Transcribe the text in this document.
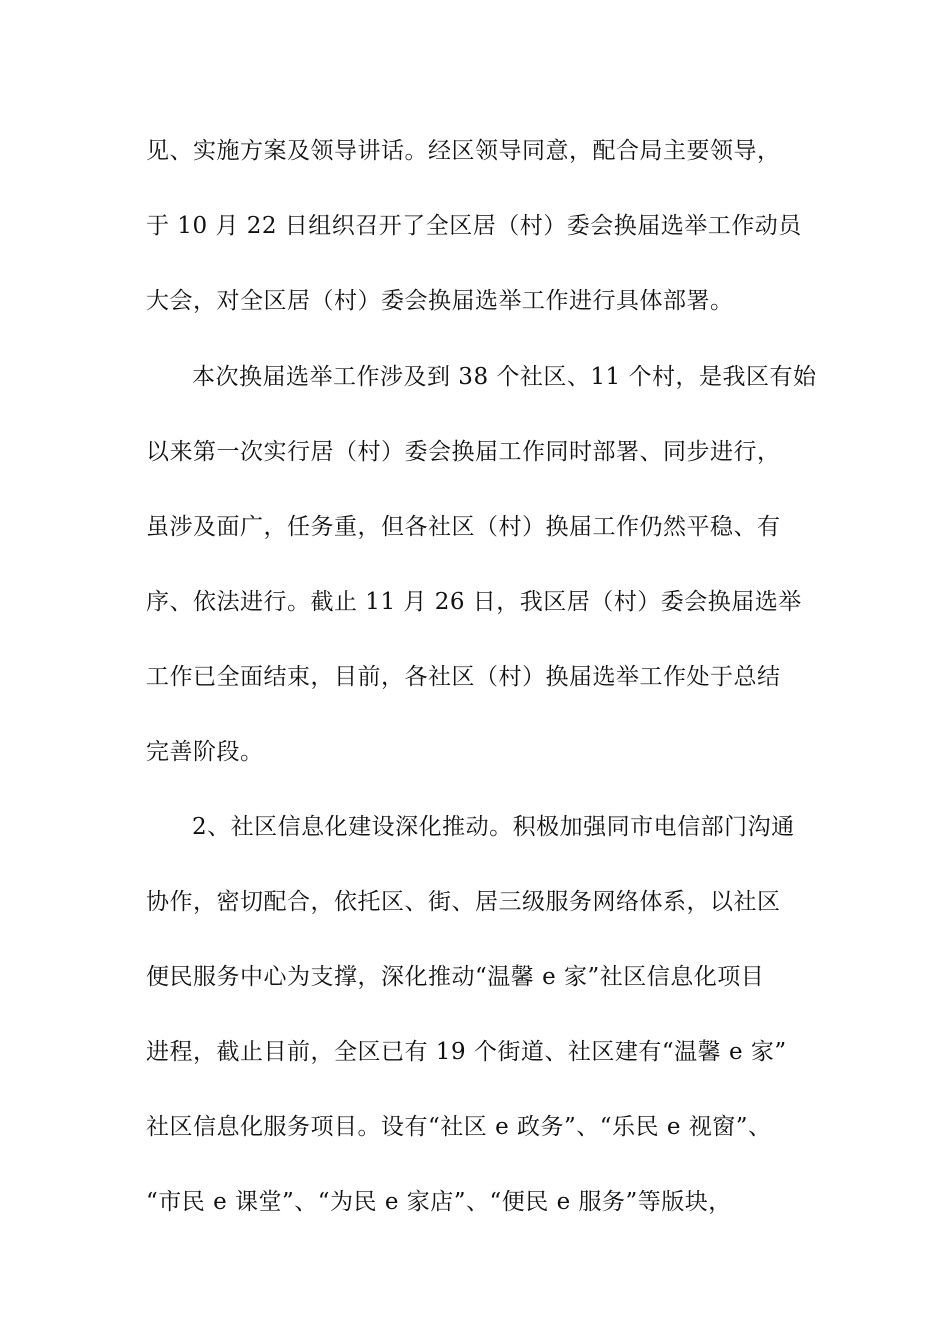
见、实施方案及领导讲话。经区领导同意，配合局主要领导，
于 10 月 22 日组织召开了全区居（村）委会换届选举工作动员
大会，对全区居（村）委会换届选举工作进行具体部署。
本次换届选举工作涉及到 38 个社区、11 个村，是我区有始
以来第一次实行居（村）委会换届工作同时部署、同步进行，
虽涉及面广，任务重，但各社区（村）换届工作仍然平稳、有
序、依法进行。截止 11 月 26 日，我区居（村）委会换届选举
工作已全面结束，目前，各社区（村）换届选举工作处于总结
完善阶段。
2、社区信息化建设深化推动。积极加强同市电信部门沟通
协作，密切配合，依托区、街、居三级服务网络体系，以社区
便民服务中心为支撑，深化推动“温馨 e 家”社区信息化项目
进程，截止目前，全区已有 19 个街道、社区建有“温馨 e 家”
社区信息化服务项目。设有“社区 e 政务”、“乐民 e 视窗”、
“市民 e 课堂”、“为民 e 家店”、“便民 e 服务”等版块，
